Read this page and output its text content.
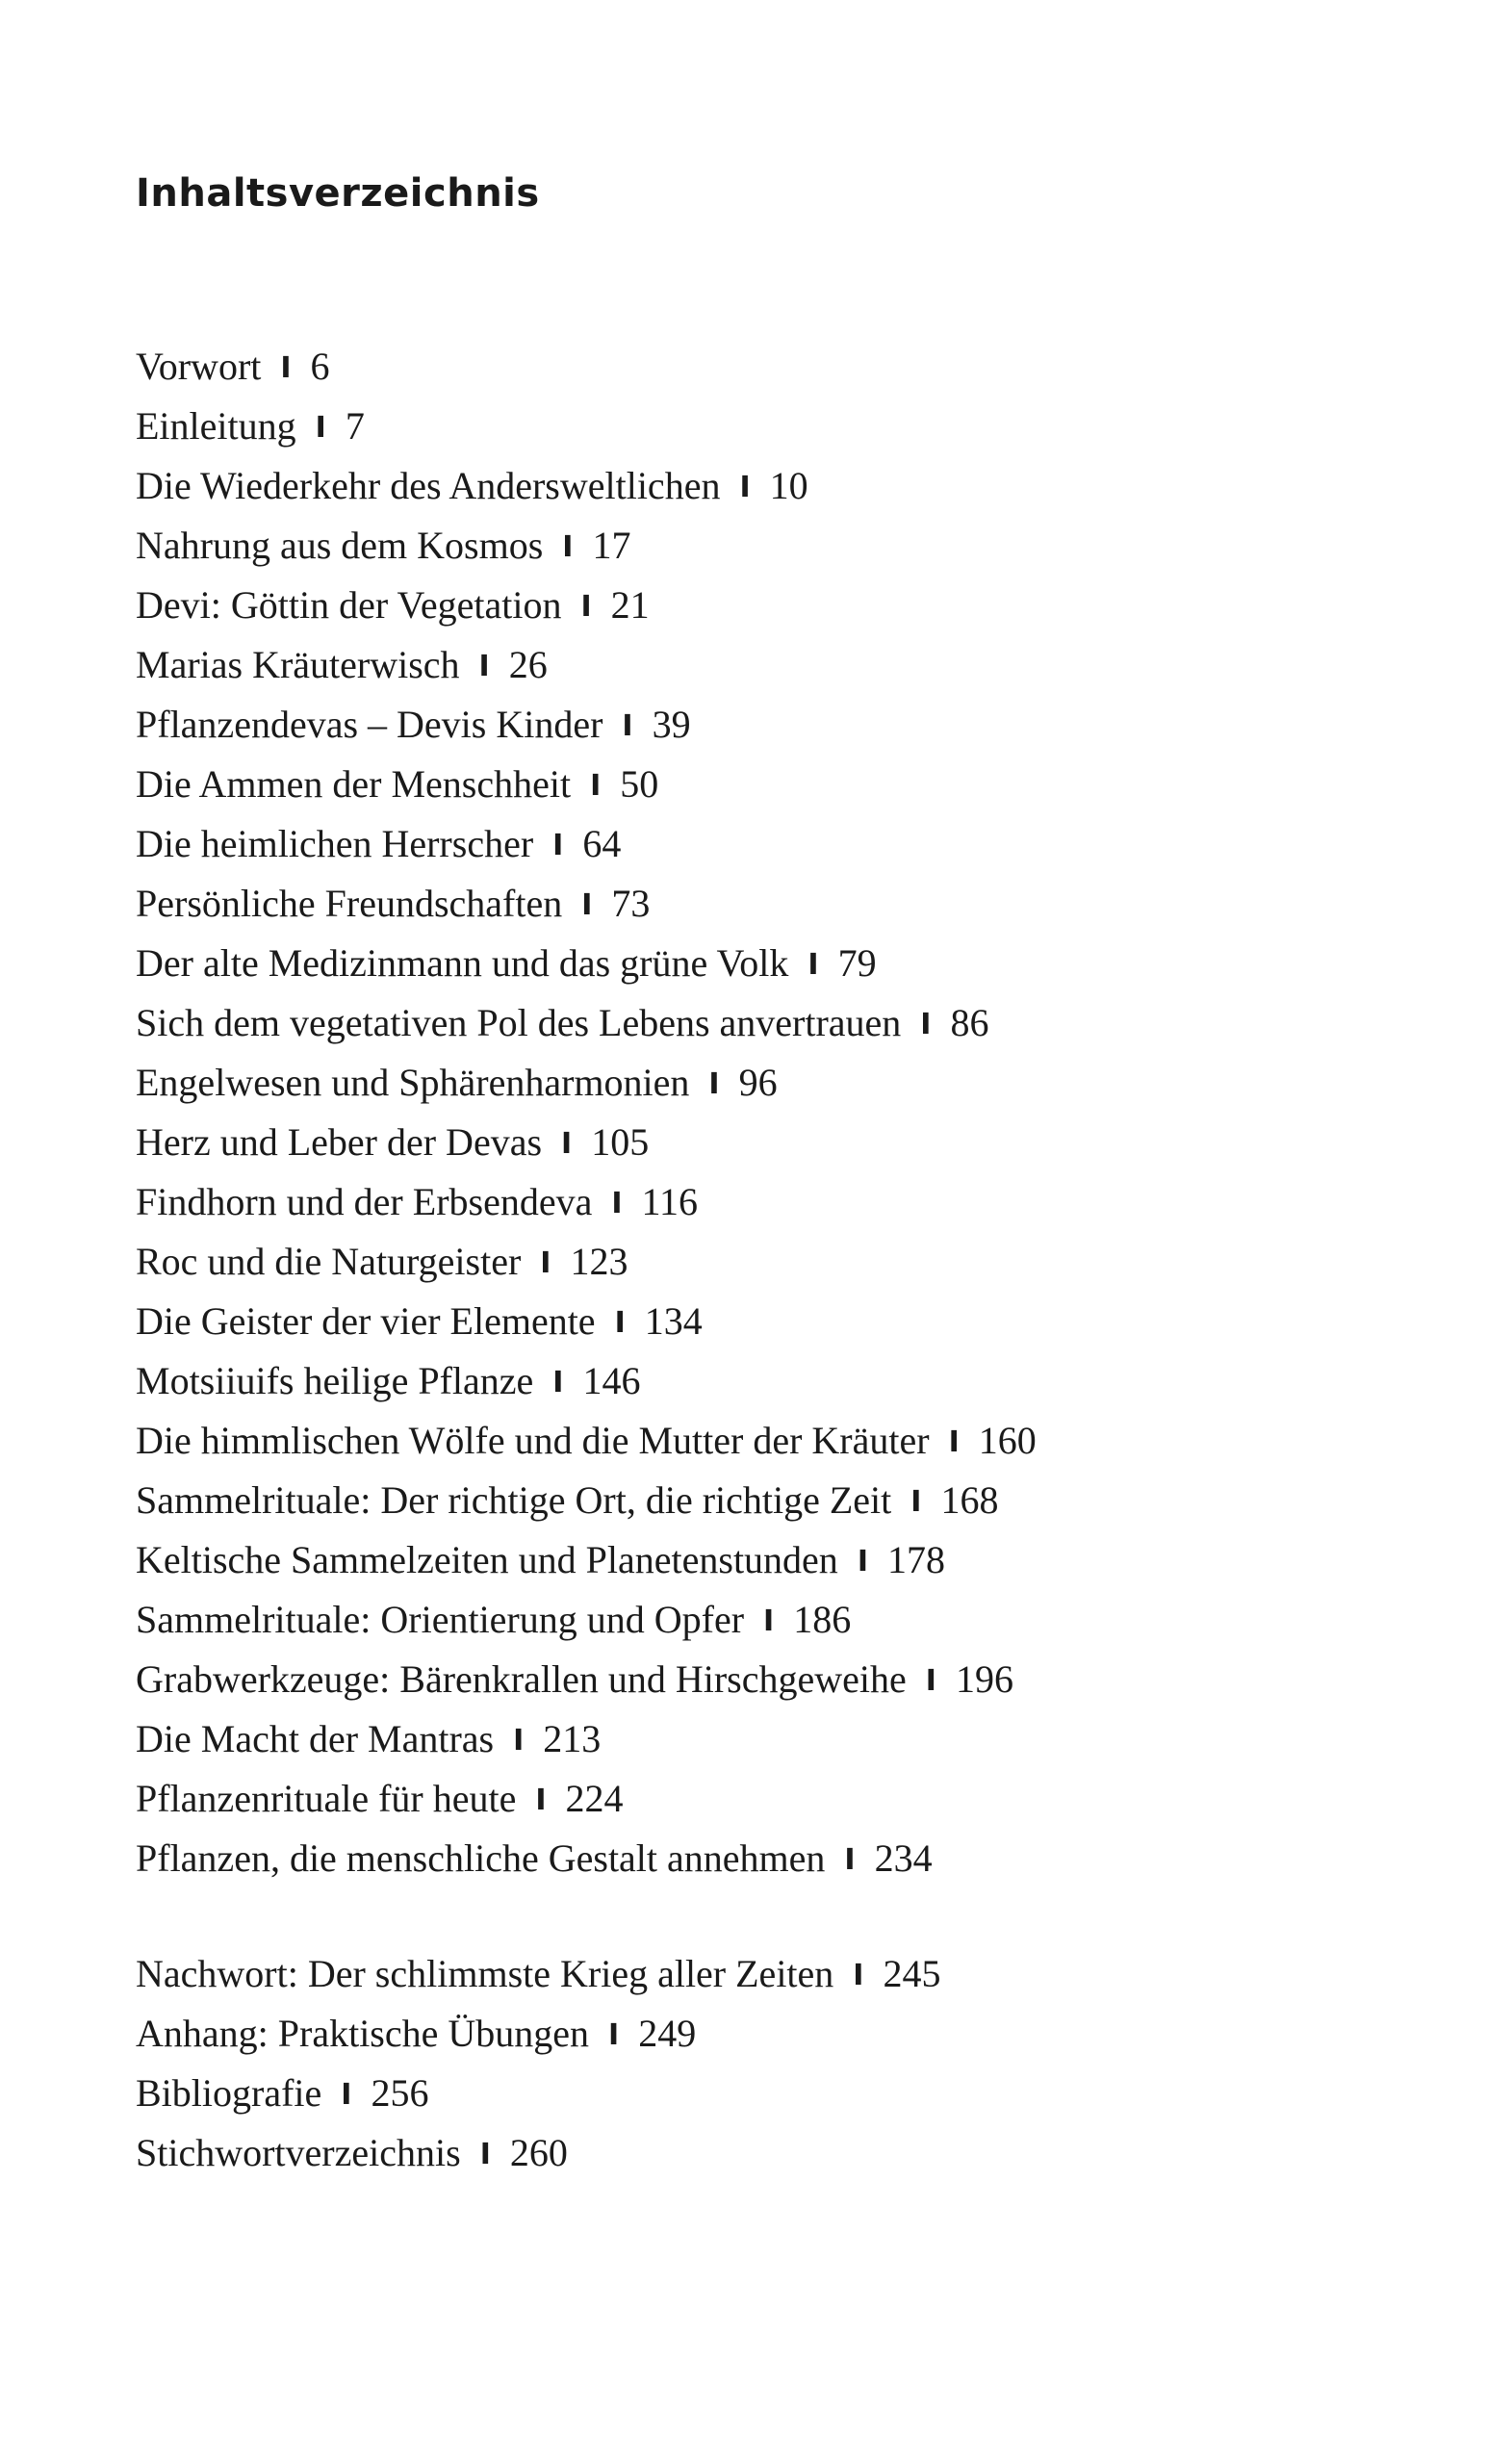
Inhaltsverzeichnis
Vorwort I 6
Einleitung I 7
Die Wiederkehr des Andersweltlichen I 10
Nahrung aus dem Kosmos I 17
Devi: Göttin der Vegetation I 21
Marias Kräuterwisch I 26
Pflanzendevas – Devis Kinder I 39
Die Ammen der Menschheit I 50
Die heimlichen Herrscher I 64
Persönliche Freundschaften I 73
Der alte Medizinmann und das grüne Volk I 79
Sich dem vegetativen Pol des Lebens anvertrauen I 86
Engelwesen und Sphärenharmonien I 96
Herz und Leber der Devas I 105
Findhorn und der Erbsendeva I 116
Roc und die Naturgeister I 123
Die Geister der vier Elemente I 134
Motsiiuifs heilige Pflanze I 146
Die himmlischen Wölfe und die Mutter der Kräuter I 160
Sammelrituale: Der richtige Ort, die richtige Zeit I 168
Keltische Sammelzeiten und Planetenstunden I 178
Sammelrituale: Orientierung und Opfer I 186
Grabwerkzeuge: Bärenkrallen und Hirschgeweihe I 196
Die Macht der Mantras I 213
Pflanzenrituale für heute I 224
Pflanzen, die menschliche Gestalt annehmen I 234
Nachwort: Der schlimmste Krieg aller Zeiten I 245
Anhang: Praktische Übungen I 249
Bibliografie I 256
Stichwortverzeichnis I 260
